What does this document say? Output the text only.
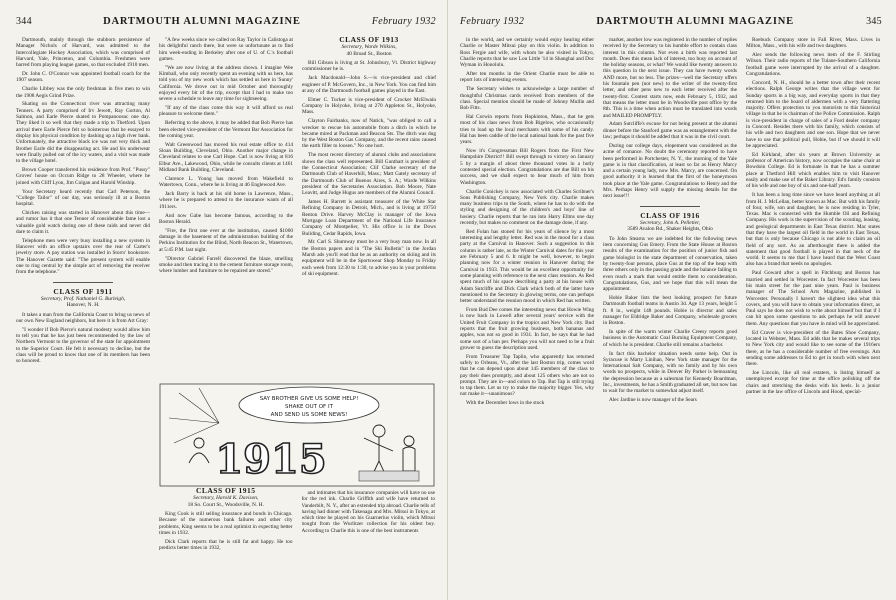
344	DARTMOUTH ALUMNI MAGAZINE	February 1932

Dartmouth, mainly through the stubborn persistence of Manager Nichols of Harvard, was admitted to the Intercollegiate Hockey Association, which was comprised of Harvard, Yale, Princeton, and Columbia. Freshmen were barred from playing league games, so that excluded 1910 men.

Dr. John C. O'Connor was appointed football coach for the 1907 season.

Charlie Libbey was the only freshman in five men to win the 1908 Aegis Grind Prize.

Skating on the Connecticut river was attracting many Tenners. A party comprised of Irv Jewett, Ray Gorton, Al Salmon, and Earle Pierce skated to Pompanoosuc one day. They liked it so well that they made a trip to Thetford. Upon arrival there Earle Pierce felt so boisterous that he essayed to display his physical condition by dashing up a high river bank. Unfortunately, the attractive black ice was not very thick and Brother Earle did the disappearing act. He and his underwear were finally pulled out of the icy waters, and a visit was made to the village hotel.

Brown Cooper transferred his residence from Prof. "Pussy" Groves' house on Occum Ridge to 28 Wheeler, where he joined with Cliff Lyon, Jim Colgan and Harold Winship.

Your Secretary heard recently that Carl Peterson, the "College Tailor" of our day, was seriously ill at a Boston hospital.

Chicken raising was started in Hanover about this time—and rumor has it that one Tenner of considerable fame lost a valuable gold watch during one of these raids and never did dare to claim it.

Telephone men were very busy installing a new system in Hanover with an office upstairs over the rear of Carter's jewelry store. A pay station was installed in Storrs' bookstore. The Hanover Gazette said: "The present system will enable one to ring central by the simple act of removing the receiver from the telephone."

CLASS OF 1911
Secretary, Prof. Nathaniel G. Burleigh,
Hanover, N. H.

It takes a man from the California Coast to bring us news of our own New England neighbors, but here it is from Art Gray:

"I wonder if Bob Pierce's natural modesty would allow him to tell you that he has just been recommended by the law of Northern Vermont to the governor of the state for appointment to the Superior Court. He felt it necessary to decline, but the class will be proud to know that one of its members has been so honored.

"A few weeks since we called on Ray Taylor in Calistoga at his delightful ranch there, but were so unfortunate as to find him week-ending in Berkeley after one of U. of C.'s football games.

"We are now living at the address shown. I imagine Wee Kimball, who only recently spent an evening with us here, has told you of my new work which has settled us here in 'Sunny' California. We drove out in mid October and thoroughly enjoyed every bit of the trip, except that I had to make too severe a schedule to leave any time for sightseeing.

"If any of the class come this way it will afford us real pleasure to welcome them."

Referring to the above, it may be added that Bob Pierce has been elected vice-president of the Vermont Bar Association for the coming year.

Walt Greenwood has moved his real estate office to 414 Sloan Building, Cleveland, Ohio. Another major change in Cleveland relates to one Carl Hope. Carl is now living at 816 Elbur Ave., Lakewood, Ohio, while he consults clients at 1461 Midland Bank Building, Cleveland.

Clarence L. Young has moved from Wakefield to Watertown, Conn., where he is living at 46 Englewood Ave.

Jack Barry is back at his old home in Lawrence, Mass., where he is prepared to attend to the insurance wants of all 1911ers.

And now Gabe has become famous, according to the Boston Herald.

"Fire, the first one ever at the institution, caused $1000 damage in the basement of the administration building of the Perkins Institution for the Blind, North Beacon St., Watertown, at 5:45 P.M. last night.

"Director Gabriel Farrell discovered the blaze, smelling smoke and then tracing it to the cement furniture storage room, where lumber and furniture to be repaired are stored."

CLASS OF 1913
Secretary, Warde Wilkins,
40 Broad St., Boston

Bill Gibson is living at St. Johnsbury, Vt. District highway commissioner he is.

Jack Macdonald—John S.—is vice-president and chief engineer of P. McGovern, Inc., in New York. You can find him at any of the Dartmouth football games played in the East.

Elmer C. Tucker is vice-president of Crocker McElwain Company in Holyoke, living at 270 Appleton St., Holyoke, Mass.

Clayton Fairbanks, now of Natick, "was obliged to call a wrecker to rescue his automobile from a ditch in which he became mired at Packman and Beacon Sts. The ditch was dug by the West Boston Gas Company, and the recent rains caused the earth filler to loosen." No one hurt.

The most recent directory of alumni clubs and associations shows the class well represented. Bill Gunthart is president of the Connecticut Association; Clif Clarke secretary of the Dartmouth Club of Haverhill, Mass.; Matt Gately secretary of the Dartmouth Club of Buenos Aires, S. A.; Warde Wilkins president of the Secretaries Association. Bob Moore, Nate Leavitt, and Judge Hugus are members of the Alumni Council.

James H. Barrett is assistant treasurer of the White Star Refining Company in Detroit, Mich., and is living at 19750 Renton Drive. Harvey McClay is manager of the Iowa Mortgage Loan Department of the National Life Insurance Company of Montpelier, Vt. His office is in the Dows Building, Cedar Rapids, Iowa.

Mr. Carl S. Shumway must be a very busy man now. In all the Boston papers and in "The Ski Bulletin" in the Jordan Marsh ads you'll read that he as an authority on skiing and its equipment will be in the Sportswear Shop Monday to Friday each week from 12:30 to 1:30, to advise you in your problems of ski equipment.

SAY BROTHER GIVE US SOME HELP!
SHAKE OUT OF IT
AND SEND US SOME NEWS!
1915
CLASS OF 1915
Secretary, Harold K. Davison,
18 So. Court St., Woodsville, N. H.

King Cook is still selling insurance and bonds in Chicago. Because of the numerous bank failures and other city problems, King seems to be a real optimist in expecting better times in 1932.

Dick Clark reports that he is still fat and happy. He too predicts better times in 1932,

and intimates that his insurance companies will have no use for the red ink. Charlie Griffith and wife have returned to Vanderbilt, N. Y., after an extended trip abroad. Charlie tells of having had dinner with Takenaga and Mrs. Mitsui in Tokyo, at which time he played on his Guarnerius violin, which Mitsui bought from the Wurlitzer collection for his oldest boy. According to Charlie this is one of the best instruments

February 1932	DARTMOUTH ALUMNI MAGAZINE	345

in the world, and we certainly would enjoy hearing either Charlie or Master Mitsui play on this violin. In addition to Ross Fergie and wife, with whom he also visited in Tokyo, Charlie reports that he saw Lou Little '14 in Shanghai and Doc Wyman in Honolulu.

After ten months in the Orient Charlie must be able to report lots of interesting events.

The Secretary wishes to acknowledge a large number of thoughtful Christmas cards received from members of the class. Special mention should be made of Johnny Mullin and Bob Fitts.

Hal Corwin reports from Hopkinton, Mass., that he gets most of his class news from Bob Bigelow, who occasionally tries to load up the local merchants with some of his candy. Hal has been caddie of the local national bank for the past five years.

Now it's Congressman Bill Rogers from the First New Hampshire District!! Bill swept through to victory on January 5 by a margin of about three thousand votes in a hotly contested special election. Congratulations are due Bill on his success, and we shall expect to hear much of him from Washington.

Charlie Conickey is now associated with Charles Scribner's Sons Publishing Company, New York city. Charlie makes many business trips to the South, where he has to do with the styling and designing of the children's and boys' line of hosiery. Charlie reports that he ran into Harry Ellms one day recently, but makes no comment on the damage done, if any.

Red Folan has stoned for his years of silence by a most interesting and lengthy letter. Red was in the mood for a class party at the Carnival in Hanover. Such a suggestion in this column is rather late, as the Winter Carnival dates for this year are February 5 and 6. It might be well, however, to begin planning now for a winter reunion in Hanover during the Carnival in 1933. This would be an excellent opportunity for some planning with reference to the next class reunion. As Red spent much of his space describing a party at his house with Adam Sutcliffe and Dick Clark which both of the latter have mentioned to the Secretary in glowing terms, one can perhaps better understand the reunion mood in which Red has written.

From Bud Dee comes the interesting news that Howie Wing is now back in Lowell after several years' service with the United Fruit Company in the tropics and New York city. Bud reports that the fruit growing business, both bananas and apples, was not so good in 1931. In fact, he says that he had some sort of a ban per. Perhaps you will not need to be a fruit grower to guess the description used.

From Treasurer Tap Taplin, who apparently has returned safely to Orleans, Vt., after the last Boston trip, comes word that he can depend upon about 145 members of the class to pay their dues promptly, and about 125 others who are not so prompt. They are in—and colors to Tap. But Tap is still trying to tap them. Let us try to make the majority bigger. Yes, why not make it—unanimous?

With the December lows in the stock

market, another low was registered in the number of replies received by the Secretary to his humble effort to contain class interest in this column. Not even a birth was reported last month. Does this mean lack of interest, too busy on account of the holiday seasons, or what? We would like twenty answers to this question in the next issue. They can have twenty words AND more, but no less. The prizes—well the Secretary offers his fountain pen (not new) to the writer of the twenty-first letter, and other pens new to each letter received after the twenty-first. Contest starts now, ends February 5, 1932, and that means the letter must be in Woodsville post office by the 8th. This is a time when action must be translated into words and MAILED PROMPTLY.

Adam Sutcliffe's excuse for not being present at the alumni dinner before the Stanford game was an entanglement with the law; perhaps it should be added that it was in the civil court.

During our college days, elopement was considered as the acme of romance. No doubt the ceremony reported to have been performed in Portchester, N. Y., the morning of the Yale game is in that classification, at least so far as Henry Marcy and a certain young lady, now Mrs. Marcy, are concerned. On good authority it is learned that the first of the honeymoon took place at the Yale game. Congratulations to Henry and the Mrs. Perhaps Henry will supply the missing details for the next issue!!!

CLASS OF 1916
Secretary, John A. Pelletier,
3589 Avalon Rd., Shaker Heights, Ohio

To John Stearns we are indebted for the following news item concerning Gus Emery. From the State House at Boston results of the examination for the position of junior fish and game biologist in the state department of conservation, taken by twenty-four persons, place Gus at the top of the heap with three others only in the passing grade and the balance failing to even reach a mark that would entitle them to consideration. Congratulations, Gus, and we hope that this will mean the appointment.

Hobie Baker lists the best looking prospect for future Dartmouth football teams in Austin 3d. Age 13 years, height 5 ft. 8 in., weight 148 pounds. Hobie is director and sales manager for Eldridge Baker and Company, wholesale grocers in Boston.

In spite of the warm winter Charlie Creesy reports good business in the Automatic Coal Burning Equipment Company, of which he is president. Charlie still remains a bachelor.

In fact this bachelor situation needs some help. Out in Syracuse is Marty Linihan, New York state manager for the International Salt Company, with no family and by his own words no prospects, while in Denver By Parker is bemoaning the depression because as a salesman for Kennedy Boardman, Inc., investments, he has a Smith graduated all set, but now has to wait for the market to somewhat adjust itself.

Alec Jardine is now manager of the Sears

Roebuck Company store in Fall River, Mass. Lives in Milton, Mass., with his wife and two daughters.

Alec sends the following news item of the F. Stirling Wilson. Their radio reports of the Tulane-Southern California football game were interrupted by the arrival of a daughter. Congratulations.

Concord, N. H., should be a better town after their recent elections. Ralph George writes that the village went for Sunday sports in a big way, and everyday sports in that they returned him to the board of aldermen with a very flattering majority. Offers protection to you motorists to this historical village in that he is chairman of the Police Commission. Ralph is vice-president in charge of sales of a Ford dealer company in Concord. Resides there with his family, which consists of his wife and two daughters and one son. Hope that we never have to use that political pull, Hobie, but if we should it will be appreciated.

Ed Kirkland, after six years at Brown University as professor of American history, now occupies the same chair at Bowdoin College. Ed is fortunate in that he has a summer place at Thetford Hill which enables him to visit Hanover easily and make use of the Baker Library. Ed's family consists of his wife and one boy of six and one-half years.

It has been a long time since we have heard anything at all from H. J. McLellan, better known as Mac. But with his family of four, wife, son and daughter, he is now residing in Tyler, Texas. Mac is connected with the Humble Oil and Refining Company. His work is the supervision of the scouting, leasing, and geological departments in East Texas district. Mac states that they have the largest oil field in the world in East Texas, but that is only because Chicago is not able to claim an oil field of any sort. As an afterthought there is added the statement that good football is played in that neck of the world. It seems to me that I have heard that the West Coast also has a brand that needs no apologies.

Paul Goward after a spell in Fitchburg and Boston has married and settled in Worcester. In fact Worcester has been his main street for the past nine years. Paul is business manager of The School Arts Magazine, published in Worcester. Personally I haven't the slightest idea what this covers, and you will have to obtain your information direct, as Paul says he does not wish to write about himself but that if I can hit upon some questions to ask perhaps he will answer them. Any questions that you have in mind will be appreciated.

Ed Craver is vice-president of the Bates Shoe Company, located in Webster, Mass. Ed adds that he makes several trips to New York city and would like to see some of the 1916ers there, as he has a considerable number of free evenings. Am sending some addresses to Ed to get in touch with when next there.

Joe Lincoln, like all real estaters, is listing himself as unemployed except for time at the office polishing off the chairs and stretching the desks with his heels. Is a junior partner in the law office of Lincoln and Hood, special-
